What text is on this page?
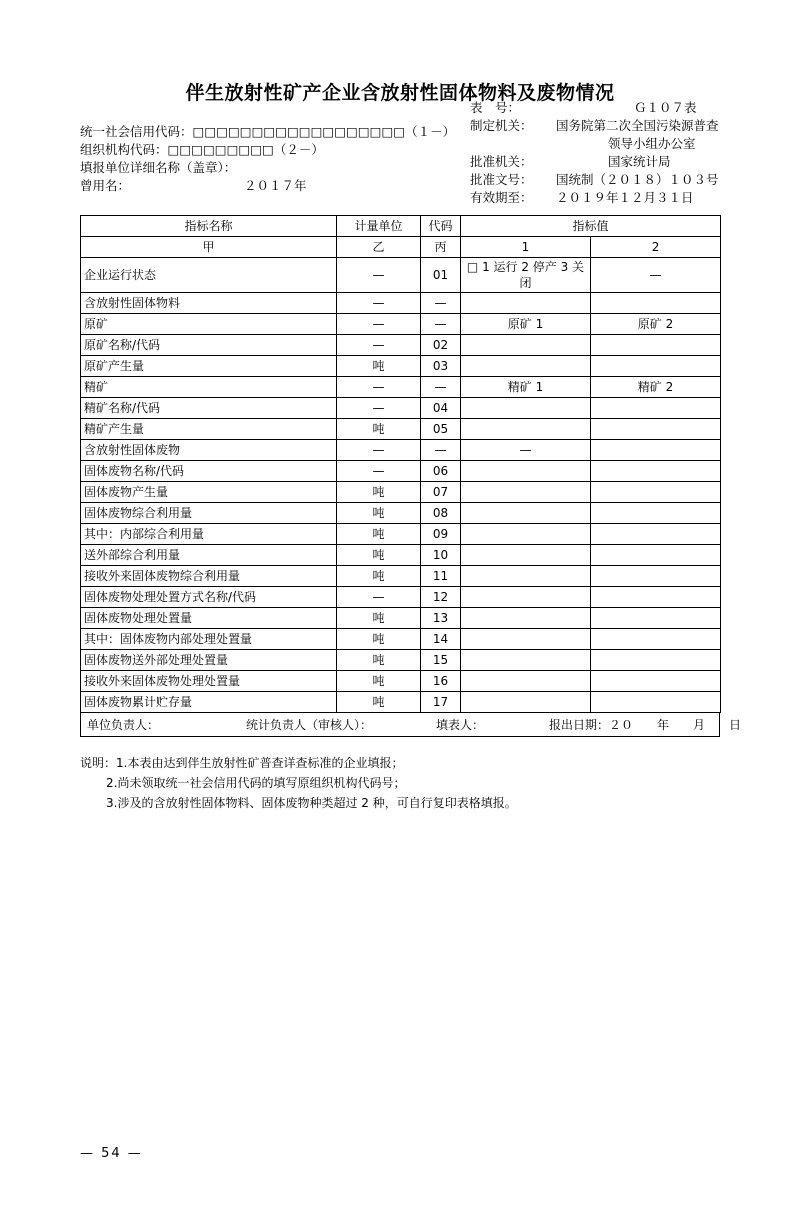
伴生放射性矿产企业含放射性固体物料及废物情况
统一社会信用代码：□□□□□□□□□□□□□□□□□□（１－）
组织机构代码：□□□□□□□□□（２－）
填报单位详细名称（盖章）：
曾用名：	２０１７年
表　号：	Ｇ１０７表
制定机关：	国务院第二次全国污染源普查
领导小组办公室
批准机关：	国家统计局
批准文号：	国统制（２０１８）１０３号
有效期至：	２０１９年１２月３１日
指标名称	计量单位	代码	指标值	
甲	乙	丙	1	2
企业运行状态	—	01	□ 1 运行 2 停产 3 关闭	—
含放射性固体物料	—	—		
原矿	—	—	原矿 1	原矿 2
原矿名称/代码	—	02		
原矿产生量	吨	03		
精矿	—	—	精矿 1	精矿 2
精矿名称/代码	—	04		
精矿产生量	吨	05		
含放射性固体废物	—	—	—	
固体废物名称/代码	—	06		
固体废物产生量	吨	07		
固体废物综合利用量	吨	08		
其中：内部综合利用量	吨	09		
送外部综合利用量	吨	10		
接收外来固体废物综合利用量	吨	11		
固体废物处理处置方式名称/代码	—	12		
固体废物处理处置量	吨	13		
其中：固体废物内部处理处置量	吨	14		
固体废物送外部处理处置量	吨	15		
接收外来固体废物处理处置量	吨	16		
固体废物累计贮存量	吨	17		
单位负责人：	统计负责人（审核人）：	填表人：	报出日期：２０　　年　　月　　日
说明：1.本表由达到伴生放射性矿普查详查标准的企业填报；
2.尚未领取统一社会信用代码的填写原组织机构代码号；
3.涉及的含放射性固体物料、固体废物种类超过 2 种，可自行复印表格填报。
— 54 —
